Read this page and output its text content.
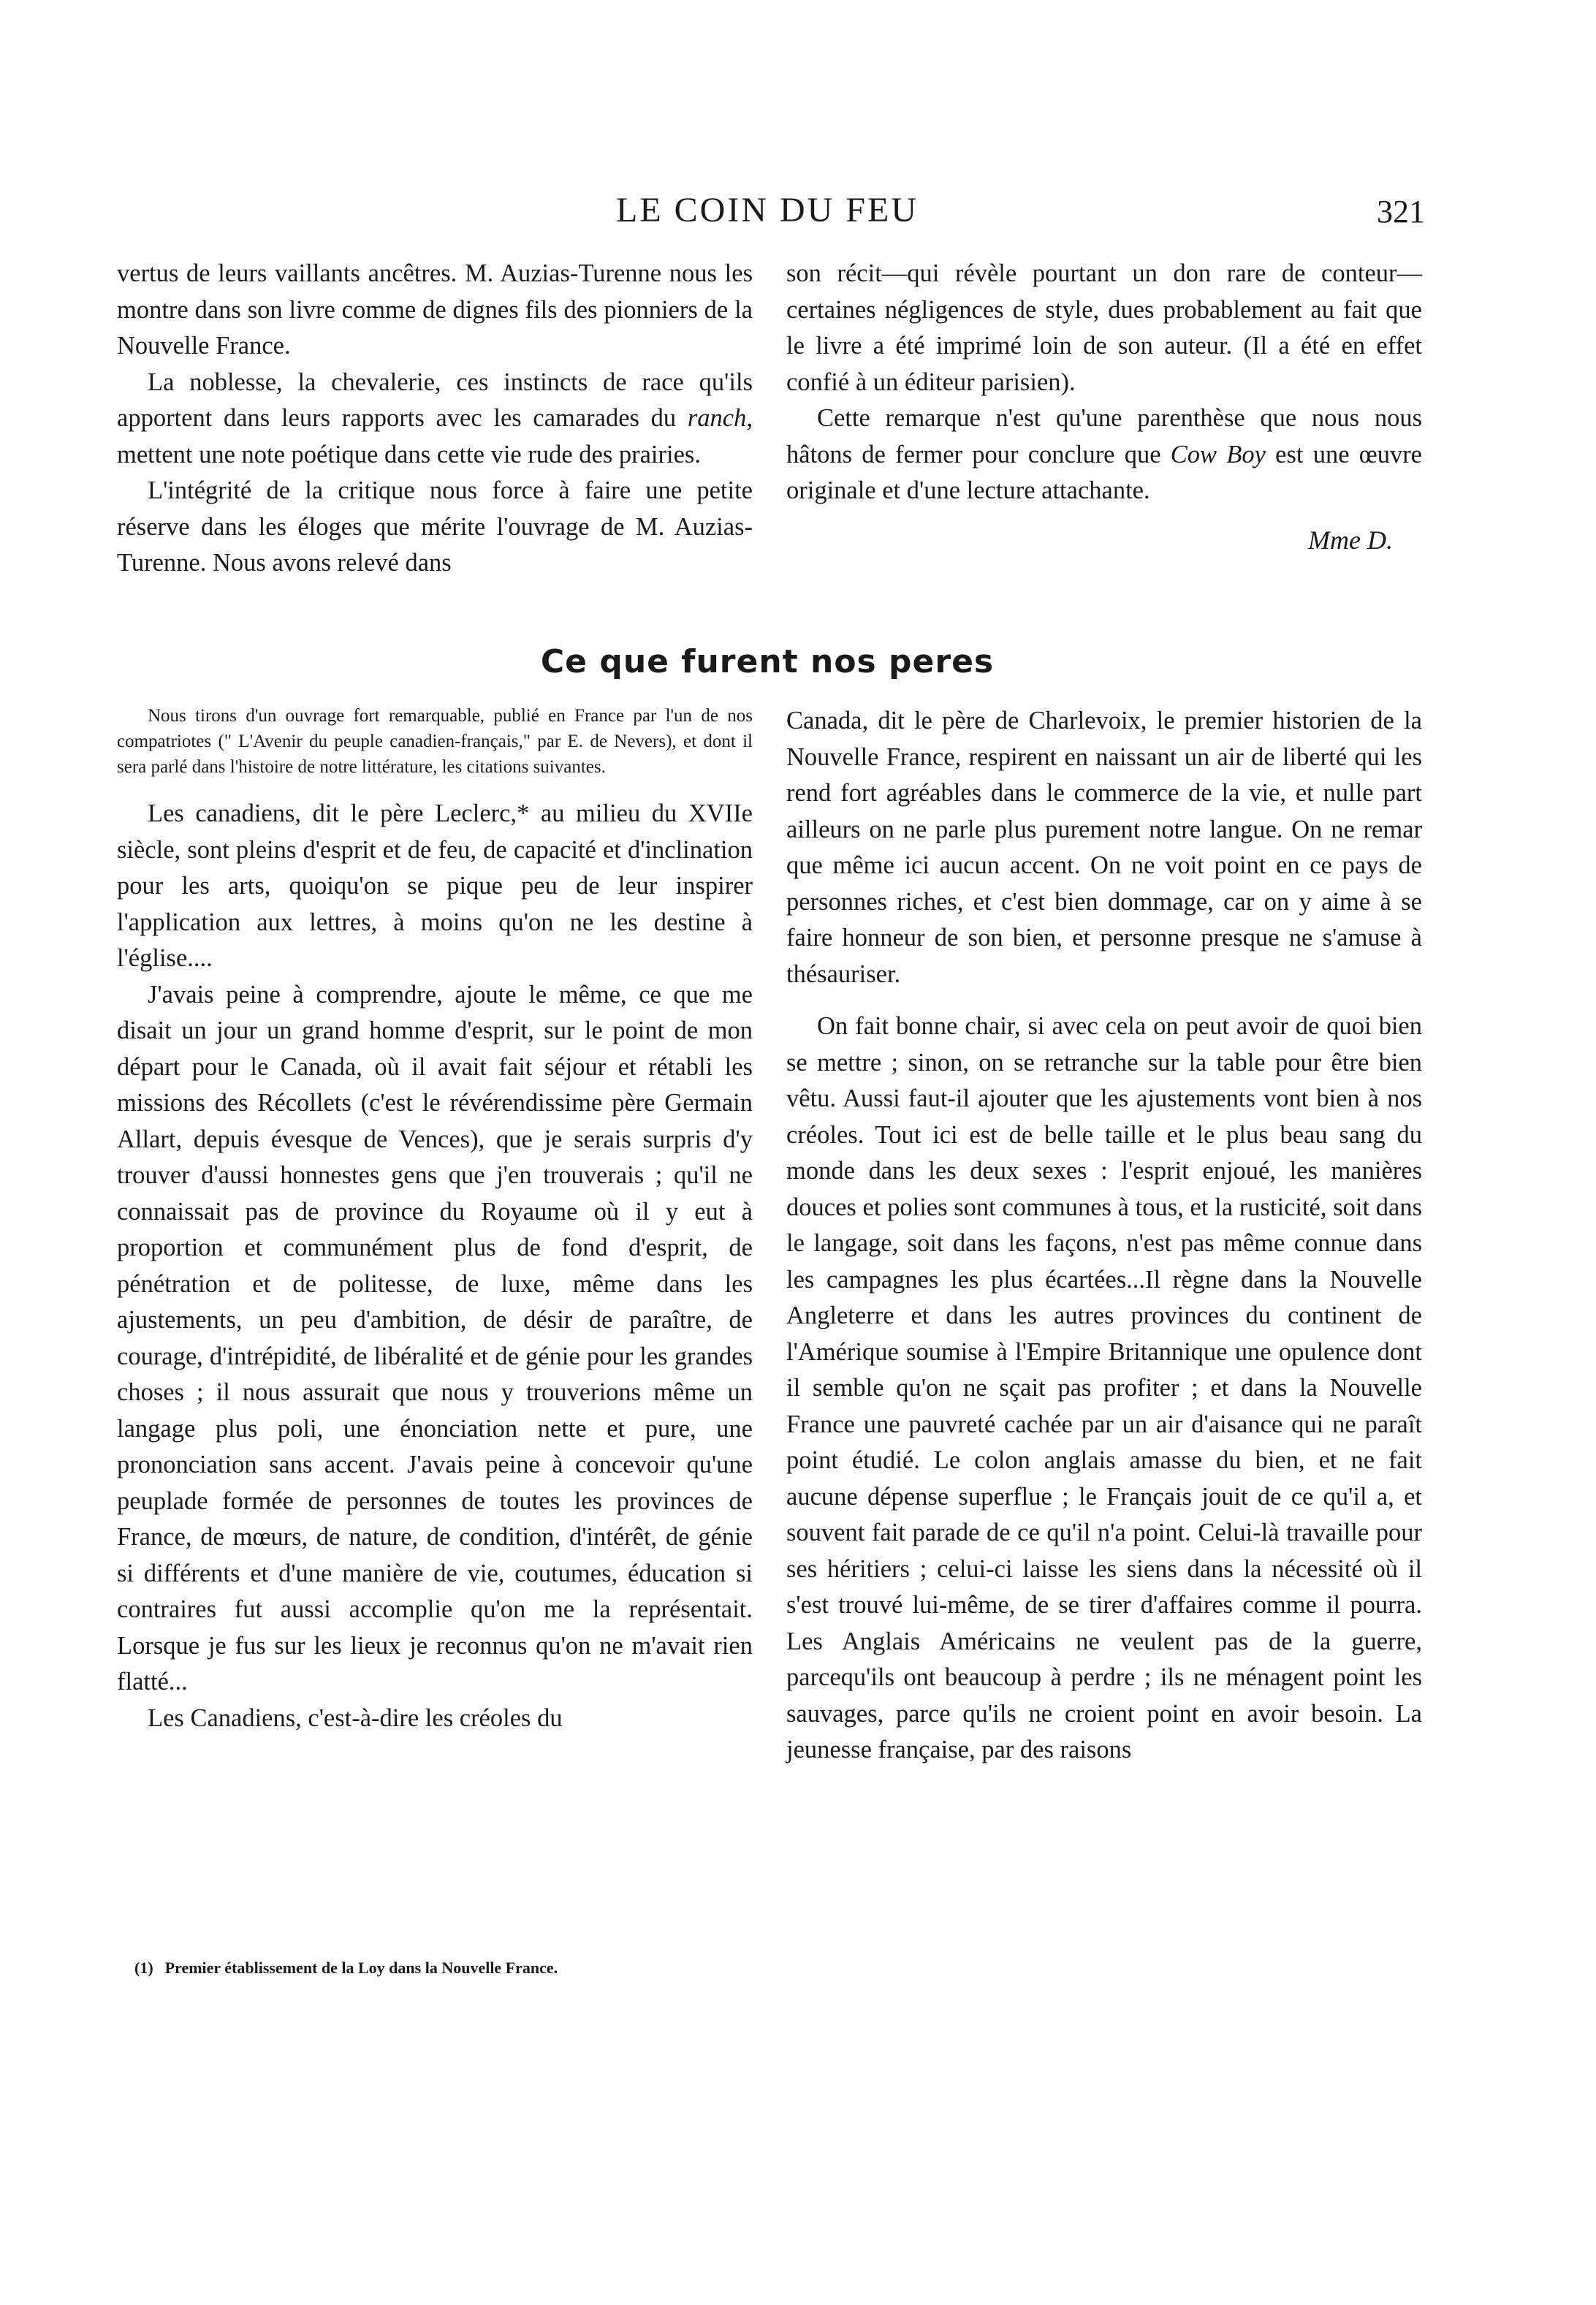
LE COIN DU FEU	321

vertus de leurs vaillants ancêtres. M. Auzias-Turenne nous les montre dans son livre comme de dignes fils des pionniers de la Nouvelle France.

La noblesse, la chevalerie, ces instincts de race qu'ils apportent dans leurs rapports avec les camarades du ranch, mettent une note poétique dans cette vie rude des prairies.

L'intégrité de la critique nous force à faire une petite réserve dans les éloges que mérite l'ouvrage de M. Auzias-Turenne. Nous avons relevé dans

son récit—qui révèle pourtant un don rare de conteur—certaines négligences de style, dues probablement au fait que le livre a été imprimé loin de son auteur. (Il a été en effet confié à un éditeur parisien).

Cette remarque n'est qu'une parenthèse que nous nous hâtons de fermer pour conclure que Cow Boy est une œuvre originale et d'une lecture attachante.

Mme D.
Ce que furent nos peres

Nous tirons d'un ouvrage fort remarquable, publié en France par l'un de nos compatriotes (" L'Avenir du peuple canadien-français," par E. de Nevers), et dont il sera parlé dans l'histoire de notre littérature, les citations suivantes.

Les canadiens, dit le père Leclerc,* au milieu du XVIIe siècle, sont pleins d'esprit et de feu, de capacité et d'inclination pour les arts, quoiqu'on se pique peu de leur inspirer l'application aux lettres, à moins qu'on ne les destine à l'église....

J'avais peine à comprendre, ajoute le même, ce que me disait un jour un grand homme d'esprit, sur le point de mon départ pour le Canada, où il avait fait séjour et rétabli les missions des Récollets (c'est le révérendissime père Germain Allart, depuis évesque de Vences), que je serais surpris d'y trouver d'aussi honnestes gens que j'en trouverais ; qu'il ne connaissait pas de province du Royaume où il y eut à proportion et communément plus de fond d'esprit, de pénétration et de politesse, de luxe, même dans les ajustements, un peu d'ambition, de désir de paraître, de courage, d'intrépidité, de libéralité et de génie pour les grandes choses ; il nous assurait que nous y trouverions même un langage plus poli, une énonciation nette et pure, une prononciation sans accent. J'avais peine à concevoir qu'une peuplade formée de personnes de toutes les provinces de France, de mœurs, de nature, de condition, d'intérêt, de génie si différents et d'une manière de vie, coutumes, éducation si contraires fut aussi accomplie qu'on me la représentait. Lorsque je fus sur les lieux je reconnus qu'on ne m'avait rien flatté...

Les Canadiens, c'est-à-dire les créoles du

Canada, dit le père de Charlevoix, le premier historien de la Nouvelle France, respirent en naissant un air de liberté qui les rend fort agréables dans le commerce de la vie, et nulle part ailleurs on ne parle plus purement notre langue. On ne remar que même ici aucun accent. On ne voit point en ce pays de personnes riches, et c'est bien dommage, car on y aime à se faire honneur de son bien, et personne presque ne s'amuse à thésauriser.

On fait bonne chair, si avec cela on peut avoir de quoi bien se mettre ; sinon, on se retranche sur la table pour être bien vêtu. Aussi faut-il ajouter que les ajustements vont bien à nos créoles. Tout ici est de belle taille et le plus beau sang du monde dans les deux sexes : l'esprit enjoué, les manières douces et polies sont communes à tous, et la rusticité, soit dans le langage, soit dans les façons, n'est pas même connue dans les campagnes les plus écartées...Il règne dans la Nouvelle Angleterre et dans les autres provinces du continent de l'Amérique soumise à l'Empire Britannique une opulence dont il semble qu'on ne sçait pas profiter ; et dans la Nouvelle France une pauvreté cachée par un air d'aisance qui ne paraît point étudié. Le colon anglais amasse du bien, et ne fait aucune dépense superflue ; le Français jouit de ce qu'il a, et souvent fait parade de ce qu'il n'a point. Celui-là travaille pour ses héritiers ; celui-ci laisse les siens dans la nécessité où il s'est trouvé lui-même, de se tirer d'affaires comme il pourra. Les Anglais Américains ne veulent pas de la guerre, parcequ'ils ont beaucoup à perdre ; ils ne ménagent point les sauvages, parce qu'ils ne croient point en avoir besoin. La jeunesse française, par des raisons

(1) Premier établissement de la Loy dans la Nouvelle France.
